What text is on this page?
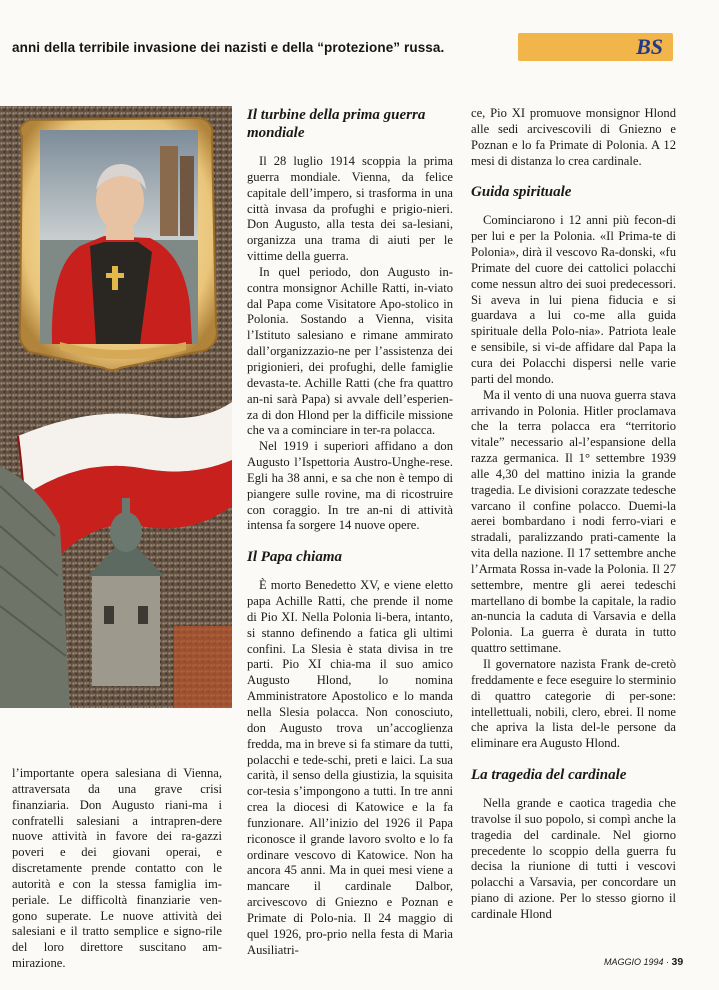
anni della terribile invasione dei nazisti e della “protezione” russa.	BS

l’importante opera salesiana di Vienna, attraversata da una grave crisi finanziaria. Don Augusto riani-ma i confratelli salesiani a intrapren-dere nuove attività in favore dei ra-gazzi poveri e dei giovani operai, e discretamente prende contatto con le autorità e con la stessa famiglia im-periale. Le difficoltà finanziarie ven-gono superate. Le nuove attività dei salesiani e il tratto semplice e signo-rile del loro direttore suscitano am-mirazione.

Il turbine della prima guerra mondiale

Il 28 luglio 1914 scoppia la prima guerra mondiale. Vienna, da felice capitale dell’impero, si trasforma in una città invasa da profughi e prigio-nieri. Don Augusto, alla testa dei sa-lesiani, organizza una trama di aiuti per le vittime della guerra.

In quel periodo, don Augusto in-contra monsignor Achille Ratti, in-viato dal Papa come Visitatore Apo-stolico in Polonia. Sostando a Vienna, visita l’Istituto salesiano e rimane ammirato dall’organizzazio-ne per l’assistenza dei prigionieri, dei profughi, delle famiglie devasta-te. Achille Ratti (che fra quattro an-ni sarà Papa) si avvale dell’esperien-za di don Hlond per la difficile missione che va a cominciare in ter-ra polacca.

Nel 1919 i superiori affidano a don Augusto l’Ispettoria Austro-Unghe-rese. Egli ha 38 anni, e sa che non è tempo di piangere sulle rovine, ma di ricostruire con coraggio. In tre an-ni di attività intensa fa sorgere 14 nuove opere.

Il Papa chiama

È morto Benedetto XV, e viene eletto papa Achille Ratti, che prende il nome di Pio XI. Nella Polonia li-bera, intanto, si stanno definendo a fatica gli ultimi confini. La Slesia è stata divisa in tre parti. Pio XI chia-ma il suo amico Augusto Hlond, lo nomina Amministratore Apostolico e lo manda nella Slesia polacca. Non conosciuto, don Augusto trova un’accoglienza fredda, ma in breve si fa stimare da tutti, polacchi e tede-schi, preti e laici. La sua carità, il senso della giustizia, la squisita cor-tesia s’impongono a tutti. In tre anni crea la diocesi di Katowice e la fa funzionare. All’inizio del 1926 il Papa riconosce il grande lavoro svolto e lo fa ordinare vescovo di Katowice. Non ha ancora 45 anni. Ma in quei mesi viene a mancare il cardinale Dalbor, arcivescovo di Gniezno e Poznan e Primate di Polo-nia. Il 24 maggio di quel 1926, pro-prio nella festa di Maria Ausiliatri-

ce, Pio XI promuove monsignor Hlond alle sedi arcivescovili di Gniezno e Poznan e lo fa Primate di Polonia. A 12 mesi di distanza lo crea cardinale.

Guida spirituale

Cominciarono i 12 anni più fecon-di per lui e per la Polonia. «Il Prima-te di Polonia», dirà il vescovo Ra-donski, «fu Primate del cuore dei cattolici polacchi come nessun altro dei suoi predecessori. Si aveva in lui piena fiducia e si guardava a lui co-me alla guida spirituale della Polo-nia». Patriota leale e sensibile, si vi-de affidare dal Papa la cura dei Polacchi dispersi nelle varie parti del mondo.

Ma il vento di una nuova guerra stava arrivando in Polonia. Hitler proclamava che la terra polacca era “territorio vitale” necessario al-l’espansione della razza germanica. Il 1° settembre 1939 alle 4,30 del mattino inizia la grande tragedia. Le divisioni corazzate tedesche varcano il confine polacco. Duemi-la aerei bombardano i nodi ferro-viari e stradali, paralizzando prati-camente la vita della nazione. Il 17 settembre anche l’Armata Rossa in-vade la Polonia. Il 27 settembre, mentre gli aerei tedeschi martellano di bombe la capitale, la radio an-nuncia la caduta di Varsavia e della Polonia. La guerra è durata in tutto quattro settimane.

Il governatore nazista Frank de-cretò freddamente e fece eseguire lo sterminio di quattro categorie di per-sone: intellettuali, nobili, clero, ebrei. Il nome che apriva la lista del-le persone da eliminare era Augusto Hlond.

La tragedia del cardinale

Nella grande e caotica tragedia che travolse il suo popolo, si compì anche la tragedia del cardinale. Nel giorno precedente lo scoppio della guerra fu decisa la riunione di tutti i vescovi polacchi a Varsavia, per concordare un piano di azione. Per lo stesso giorno il cardinale Hlond

MAGGIO 1994 · 39
